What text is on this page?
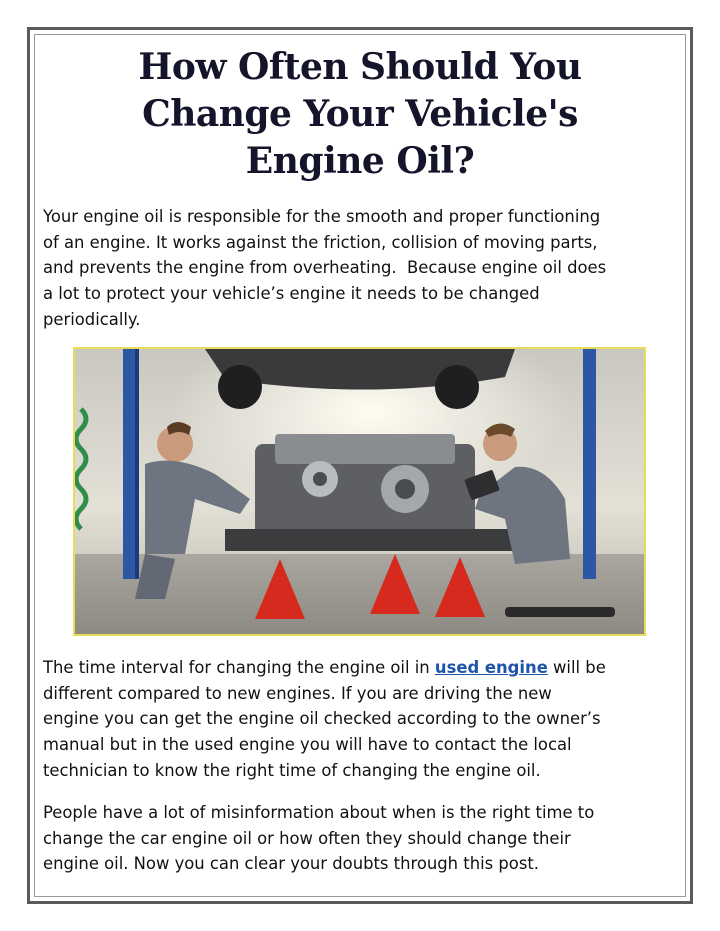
How Often Should You
Change Your Vehicle's
Engine Oil?
Your engine oil is responsible for the smooth and proper functioning
of an engine. It works against the friction, collision of moving parts,
and prevents the engine from overheating.  Because engine oil does
a lot to protect your vehicle’s engine it needs to be changed
periodically.
The time interval for changing the engine oil in used engine will be
different compared to new engines. If you are driving the new
engine you can get the engine oil checked according to the owner’s
manual but in the used engine you will have to contact the local
technician to know the right time of changing the engine oil.
People have a lot of misinformation about when is the right time to
change the car engine oil or how often they should change their
engine oil. Now you can clear your doubts through this post.
